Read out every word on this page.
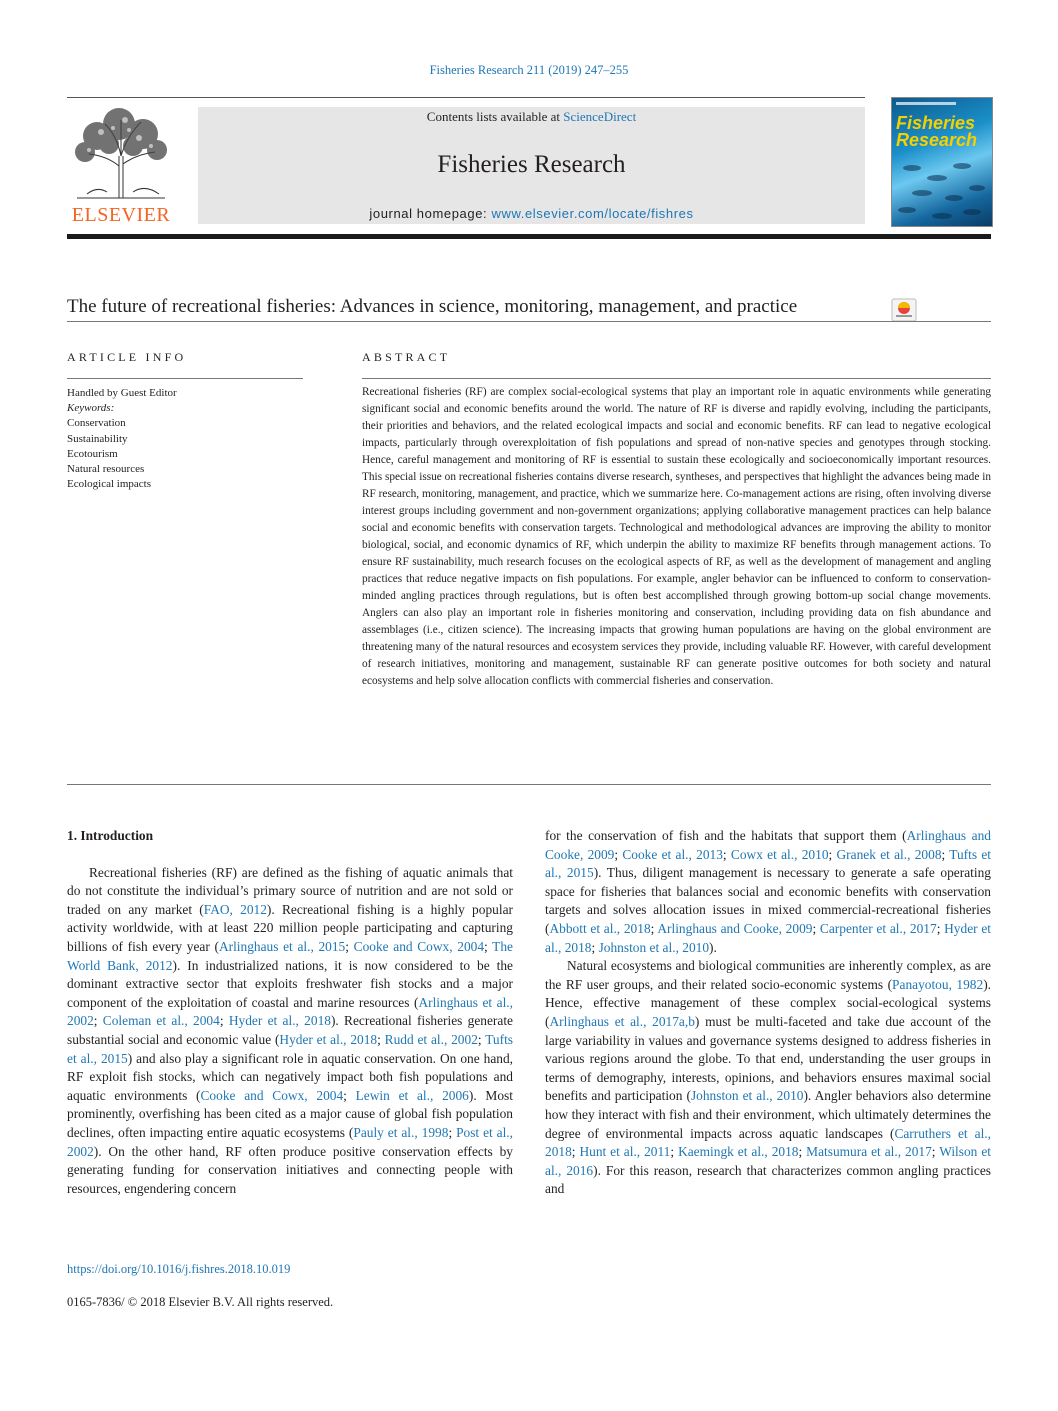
Fisheries Research 211 (2019) 247–255
ELSEVIER
Contents lists available at ScienceDirect
Fisheries Research
journal homepage: www.elsevier.com/locate/fishres
Fisheries
Research
The future of recreational fisheries: Advances in science, monitoring, management, and practice
ARTICLE INFO	ABSTRACT
Handled by Guest Editor
Keywords:
Conservation
Sustainability
Ecotourism
Natural resources
Ecological impacts
Recreational fisheries (RF) are complex social-ecological systems that play an important role in aquatic environments while generating significant social and economic benefits around the world. The nature of RF is diverse and rapidly evolving, including the participants, their priorities and behaviors, and the related ecological impacts and social and economic benefits. RF can lead to negative ecological impacts, particularly through overexploitation of fish populations and spread of non-native species and genotypes through stocking. Hence, careful management and monitoring of RF is essential to sustain these ecologically and socioeconomically important resources. This special issue on recreational fisheries contains diverse research, syntheses, and perspectives that highlight the advances being made in RF research, monitoring, management, and practice, which we summarize here. Co-management actions are rising, often involving diverse interest groups including government and non-government organizations; applying collaborative management practices can help balance social and economic benefits with conservation targets. Technological and methodological advances are improving the ability to monitor biological, social, and economic dynamics of RF, which underpin the ability to maximize RF benefits through management actions. To ensure RF sustainability, much research focuses on the ecological aspects of RF, as well as the development of management and angling practices that reduce negative impacts on fish populations. For example, angler behavior can be influenced to conform to conservation-minded angling practices through regulations, but is often best accomplished through growing bottom-up social change movements. Anglers can also play an important role in fisheries monitoring and conservation, including providing data on fish abundance and assemblages (i.e., citizen science). The increasing impacts that growing human populations are having on the global environment are threatening many of the natural resources and ecosystem services they provide, including valuable RF. However, with careful development of research initiatives, monitoring and management, sustainable RF can generate positive outcomes for both society and natural ecosystems and help solve allocation conflicts with commercial fisheries and conservation.
1. Introduction

Recreational fisheries (RF) are defined as the fishing of aquatic animals that do not constitute the individual’s primary source of nutrition and are not sold or traded on any market (FAO, 2012). Recreational fishing is a highly popular activity worldwide, with at least 220 million people participating and capturing billions of fish every year (Arlinghaus et al., 2015; Cooke and Cowx, 2004; The World Bank, 2012). In industrialized nations, it is now considered to be the dominant extractive sector that exploits freshwater fish stocks and a major component of the exploitation of coastal and marine resources (Arlinghaus et al., 2002; Coleman et al., 2004; Hyder et al., 2018). Recreational fisheries generate substantial social and economic value (Hyder et al., 2018; Rudd et al., 2002; Tufts et al., 2015) and also play a significant role in aquatic conservation. On one hand, RF exploit fish stocks, which can negatively impact both fish populations and aquatic environments (Cooke and Cowx, 2004; Lewin et al., 2006). Most prominently, overfishing has been cited as a major cause of global fish population declines, often impacting entire aquatic ecosystems (Pauly et al., 1998; Post et al., 2002). On the other hand, RF often produce positive conservation effects by generating funding for conservation initiatives and connecting people with resources, engendering concern

for the conservation of fish and the habitats that support them (Arlinghaus and Cooke, 2009; Cooke et al., 2013; Cowx et al., 2010; Granek et al., 2008; Tufts et al., 2015). Thus, diligent management is necessary to generate a safe operating space for fisheries that balances social and economic benefits with conservation targets and solves allocation issues in mixed commercial-recreational fisheries (Abbott et al., 2018; Arlinghaus and Cooke, 2009; Carpenter et al., 2017; Hyder et al., 2018; Johnston et al., 2010).

Natural ecosystems and biological communities are inherently complex, as are the RF user groups, and their related socio-economic systems (Panayotou, 1982). Hence, effective management of these complex social-ecological systems (Arlinghaus et al., 2017a,b) must be multi-faceted and take due account of the large variability in values and governance systems designed to address fisheries in various regions around the globe. To that end, understanding the user groups in terms of demography, interests, opinions, and behaviors ensures maximal social benefits and participation (Johnston et al., 2010). Angler behaviors also determine how they interact with fish and their environment, which ultimately determines the degree of environmental impacts across aquatic landscapes (Carruthers et al., 2018; Hunt et al., 2011; Kaemingk et al., 2018; Matsumura et al., 2017; Wilson et al., 2016). For this reason, research that characterizes common angling practices and

https://doi.org/10.1016/j.fishres.2018.10.019
0165-7836/ © 2018 Elsevier B.V. All rights reserved.
